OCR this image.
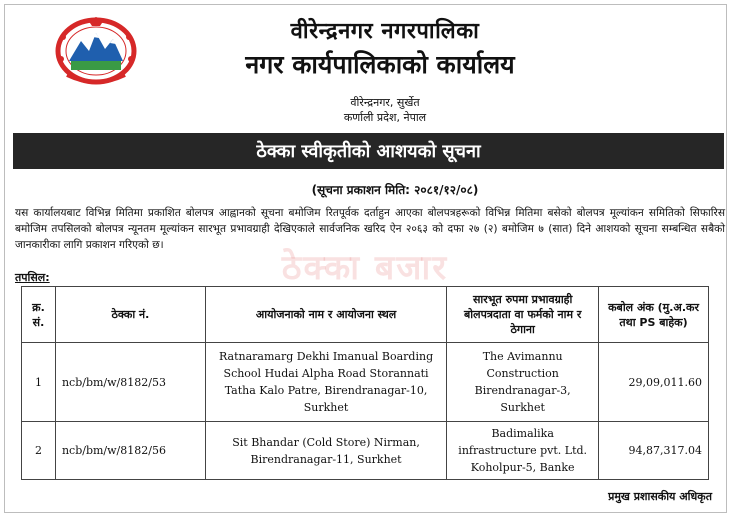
वीरेन्द्रनगर नगरपालिका
नगर कार्यपालिकाको कार्यालय
वीरेन्द्रनगर, सुर्खेत
कर्णाली प्रदेश, नेपाल
ठेक्का स्वीकृतीको आशयको सूचना
(सूचना प्रकाशन मिति: २०८१/१२/०८)
यस कार्यालयबाट विभिन्न मितिमा प्रकाशित बोलपत्र आह्वानको सूचना बमोजिम रितपूर्वक दर्ताहुन आएका बोलपत्रहरूको विभिन्न मितिमा बसेको बोलपत्र मूल्यांकन समितिको सिफारिस बमोजिम तपसिलको बोलपत्र न्यूनतम मूल्यांकन सारभूत प्रभावग्राही देखिएकाले सार्वजनिक खरिद ऐन २०६३ को दफा २७ (२) बमोजिम ७ (सात) दिने आशयको सूचना सम्बन्धित सबैको जानकारीका लागि प्रकाशन गरिएको छ।
ठेक्का बजार
तपसिल:
क्र. सं.	ठेक्का नं.	आयोजनाको नाम र आयोजना स्थल	सारभूत रुपमा प्रभावग्राही बोलपत्रदाता वा फर्मको नाम र ठेगाना	कबोल अंक (मु.अ.कर तथा PS बाहेक)
1	ncb/bm/w/8182/53	Ratnaramarg Dekhi Imanual Boarding School Hudai Alpha Road Storannati Tatha Kalo Patre, Birendranagar-10, Surkhet	The Avimannu Construction Birendranagar-3, Surkhet	29,09,011.60
2	ncb/bm/w/8182/56	Sit Bhandar (Cold Store) Nirman, Birendranagar-11, Surkhet	Badimalika infrastructure pvt. Ltd. Koholpur-5, Banke	94,87,317.04
प्रमुख प्रशासकीय अधिकृत
